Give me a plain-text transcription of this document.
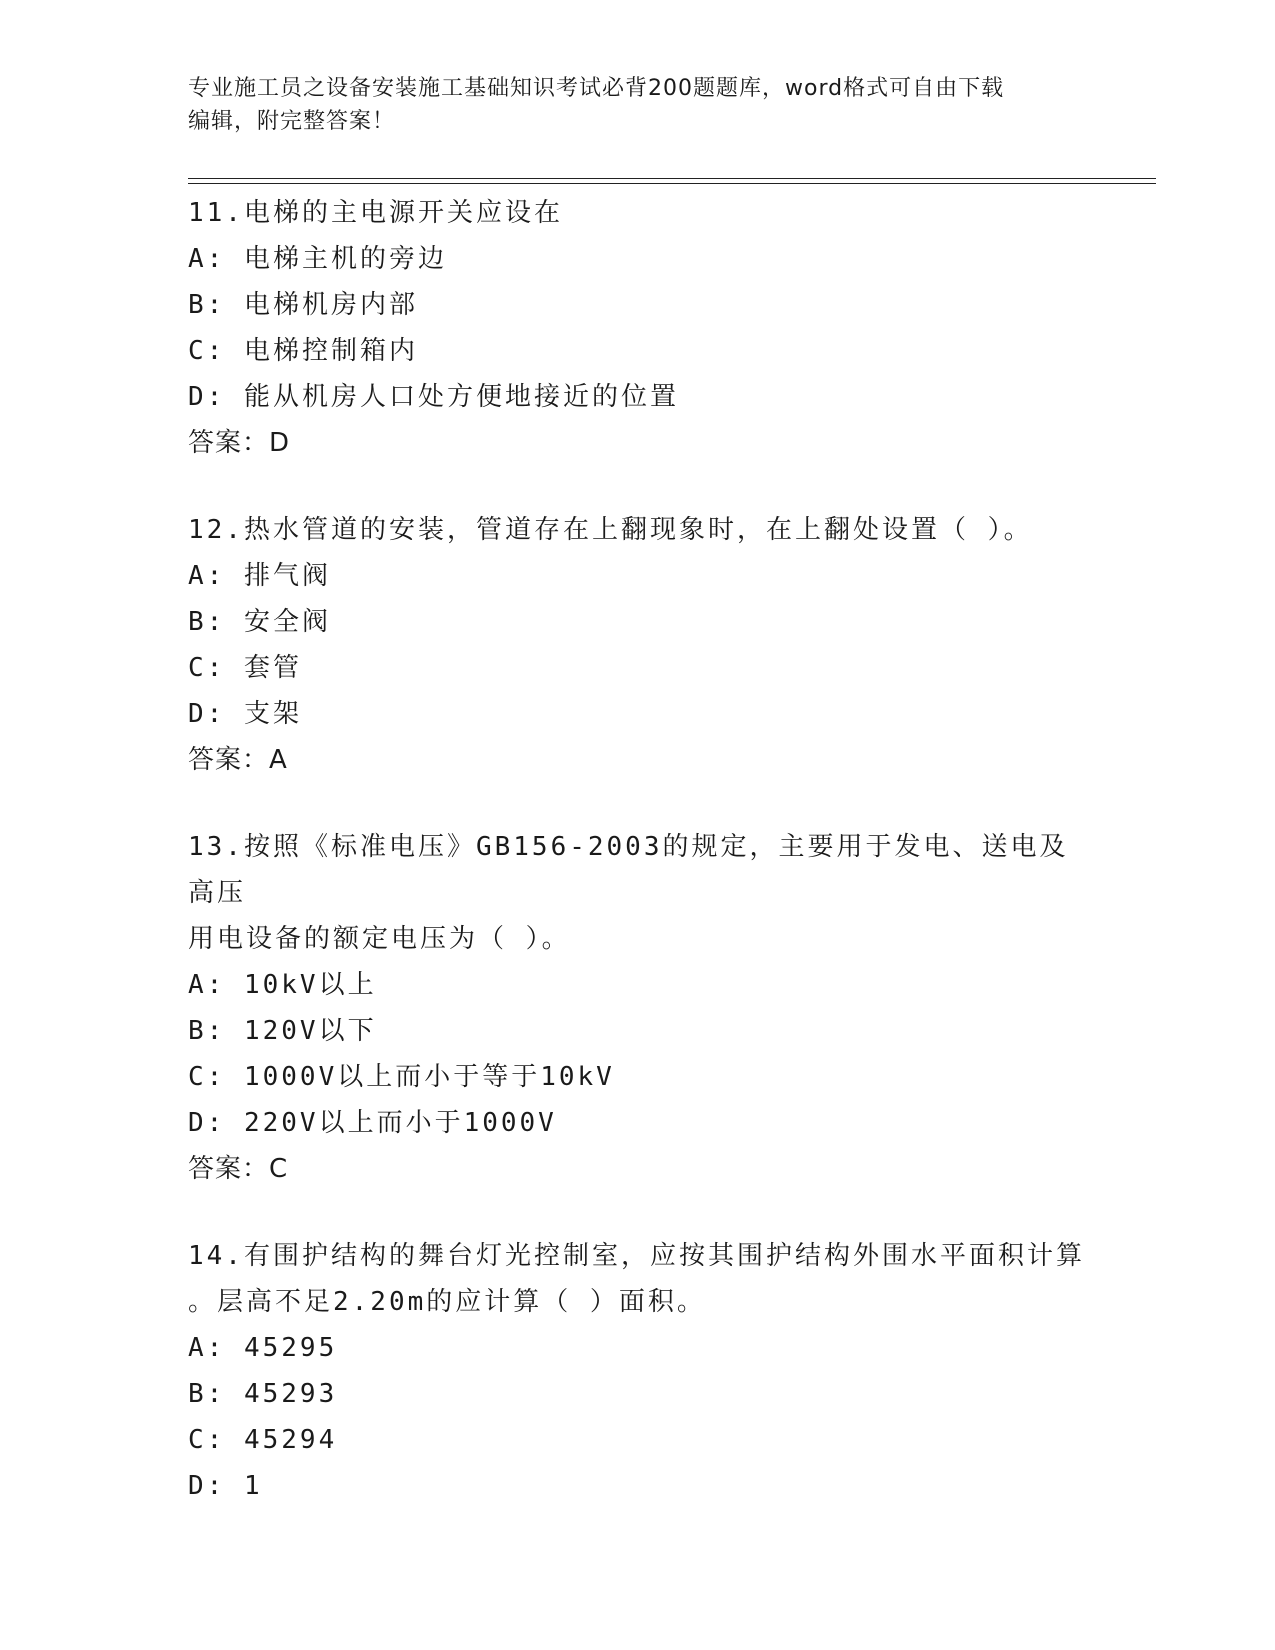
专业施工员之设备安装施工基础知识考试必背200题题库，word格式可自由下载
编辑，附完整答案！
11.电梯的主电源开关应设在
A: 电梯主机的旁边
B: 电梯机房内部
C: 电梯控制箱内
D: 能从机房人口处方便地接近的位置
答案：D
12.热水管道的安装，管道存在上翻现象时，在上翻处设置（ ）。
A: 排气阀
B: 安全阀
C: 套管
D: 支架
答案：A
13.按照《标准电压》GB156-2003的规定，主要用于发电、送电及高压
用电设备的额定电压为（ ）。
A: 10kV以上
B: 120V以下
C: 1000V以上而小于等于10kV
D: 220V以上而小于1000V
答案：C
14.有围护结构的舞台灯光控制室，应按其围护结构外围水平面积计算
。层高不足2.20m的应计算（ ）面积。
A: 45295
B: 45293
C: 45294
D: 1
